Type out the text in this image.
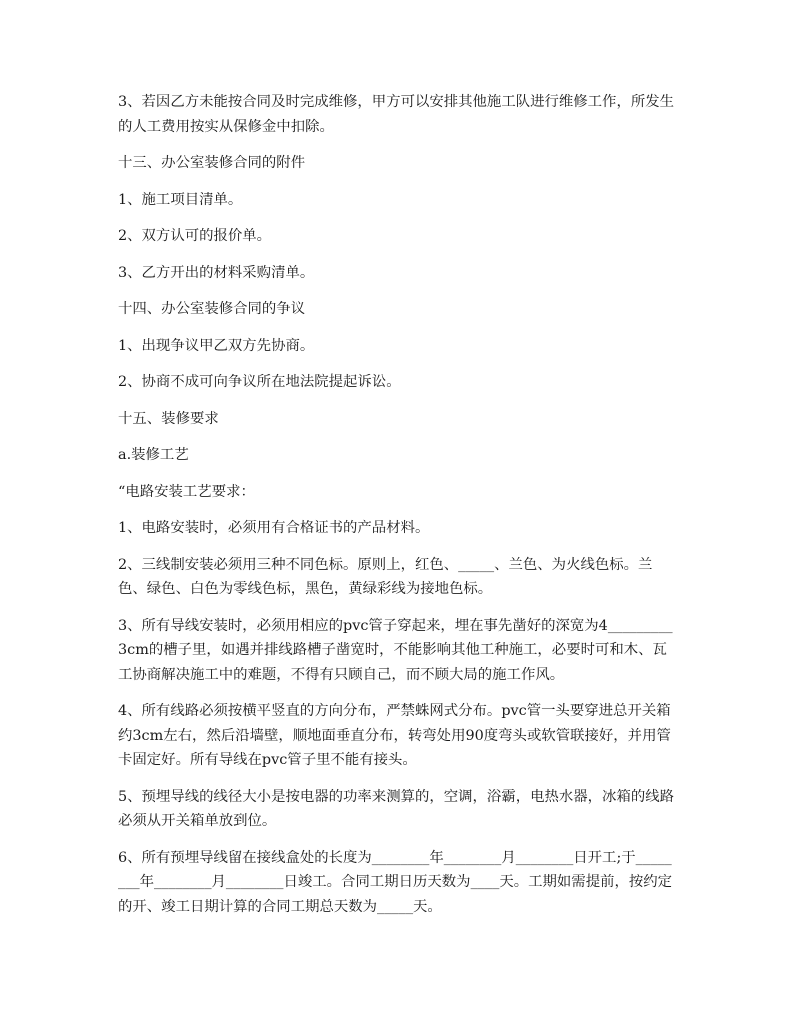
3、若因乙方未能按合同及时完成维修，甲方可以安排其他施工队进行维修工作，所发生的人工费用按实从保修金中扣除。

十三、办公室装修合同的附件

1、施工项目清单。

2、双方认可的报价单。

3、乙方开出的材料采购清单。

十四、办公室装修合同的争议

1、出现争议甲乙双方先协商。

2、协商不成可向争议所在地法院提起诉讼。

十五、装修要求

a.装修工艺

“电路安装工艺要求：

1、电路安装时，必须用有合格证书的产品材料。

2、三线制安装必须用三种不同色标。原则上，红色、_____、兰色、为火线色标。兰色、绿色、白色为零线色标，黑色，黄绿彩线为接地色标。

3、所有导线安装时，必须用相应的pvc管子穿起来，埋在事先凿好的深宽为4_________3cm的槽子里，如遇并排线路槽子凿宽时，不能影响其他工种施工，必要时可和木、瓦工协商解决施工中的难题，不得有只顾自己，而不顾大局的施工作风。

4、所有线路必须按横平竖直的方向分布，严禁蛛网式分布。pvc管一头要穿进总开关箱约3cm左右，然后沿墙壁，顺地面垂直分布，转弯处用90度弯头或软管联接好，并用管卡固定好。所有导线在pvc管子里不能有接头。

5、预埋导线的线径大小是按电器的功率来测算的，空调，浴霸，电热水器，冰箱的线路必须从开关箱单放到位。

6、所有预埋导线留在接线盒处的长度为________年________月________日开工;于________年________月________日竣工。合同工期日历天数为____天。工期如需提前，按约定的开、竣工日期计算的合同工期总天数为_____天。
